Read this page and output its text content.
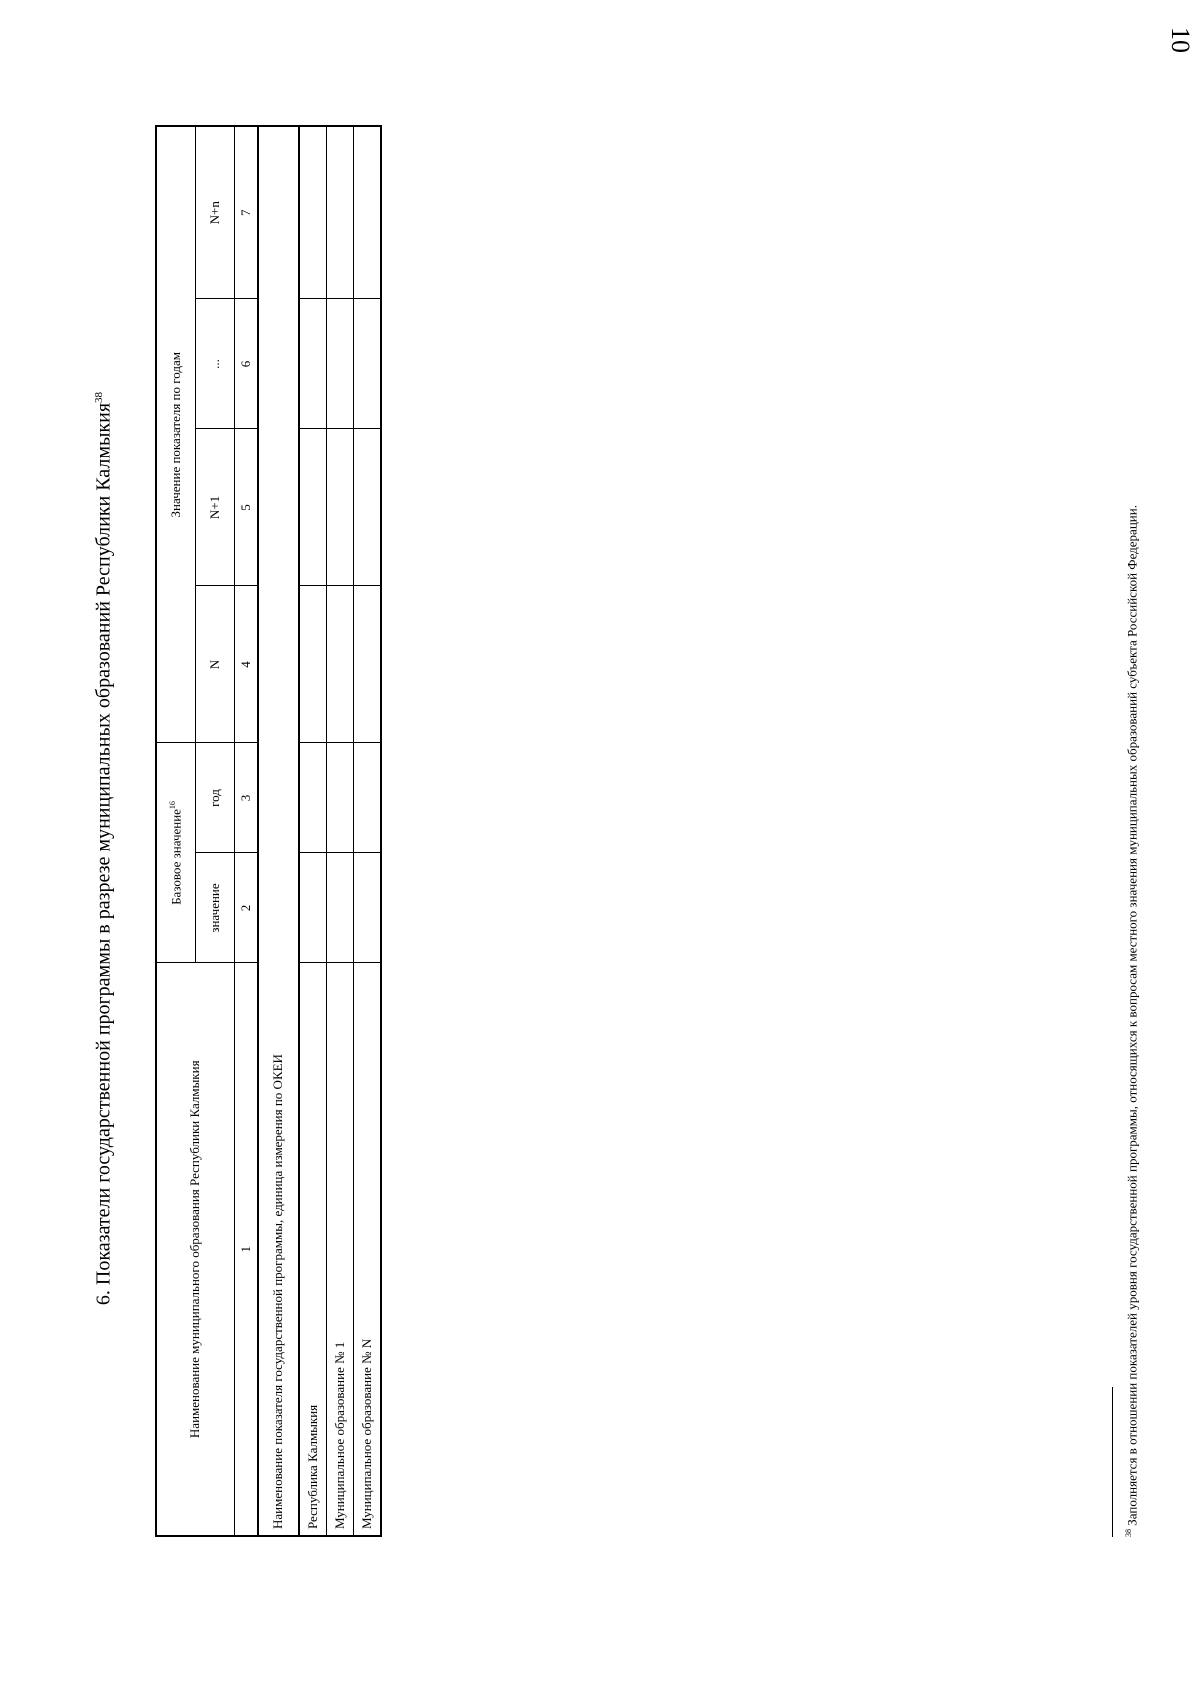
10
6. Показатели государственной программы в разрезе муниципальных образований Республики Калмыкия$^{38}$
Наименование муниципального образования Республики Калмыкия	Базовое значение$^{16}$		Значение показателя по годам			
	значение	год	N	N+1	...	N+n
1	2	3	4	5	6	7
Наименование показателя государственной программы, единица измерения по ОКЕИ						
Республика Калмыкия						
Муниципальное образование № 1						
Муниципальное образование № N						
$^{38}$ Заполняется в отношении показателей уровня государственной программы, относящихся к вопросам местного значения муниципальных образований субъекта Российской Федерации.
